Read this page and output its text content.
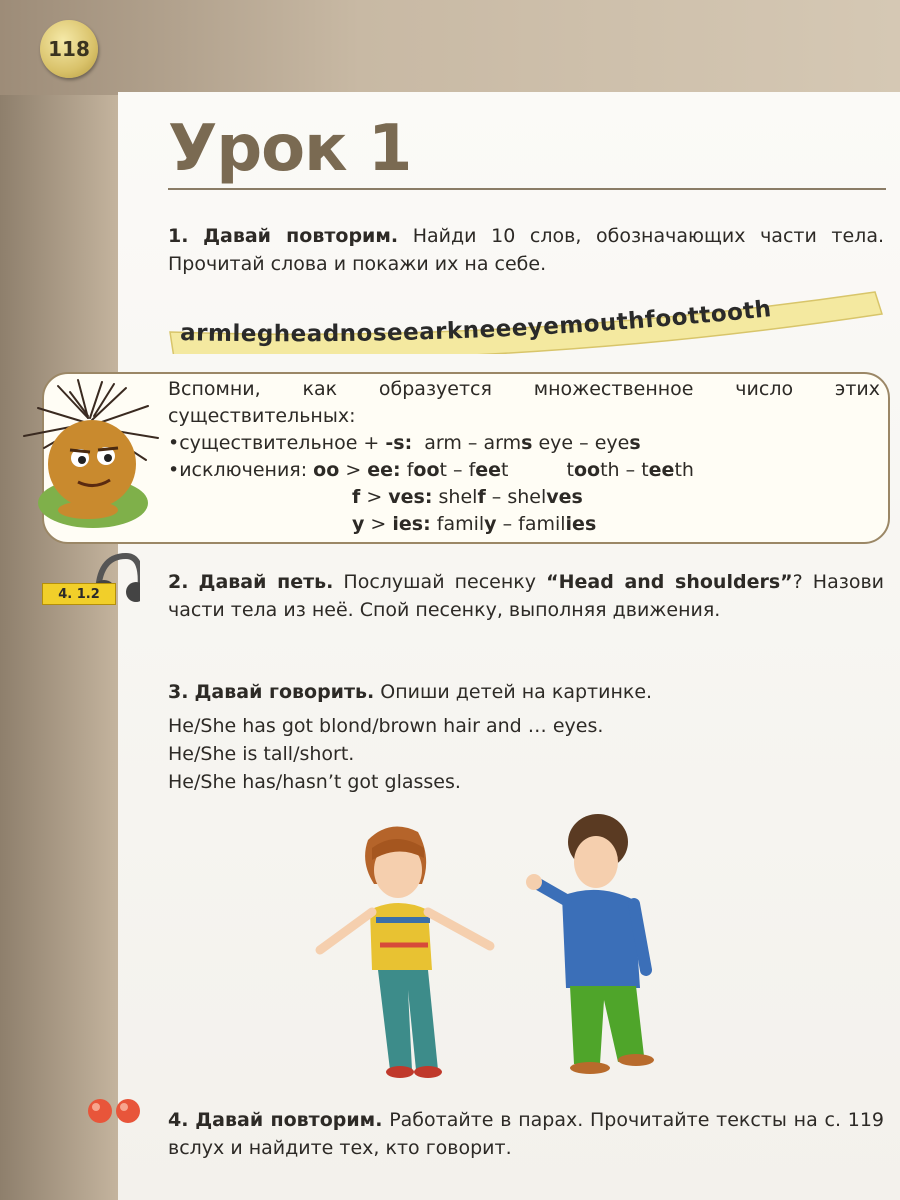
118
Урок 1
1. Давай повторим. Найди 10 слов, обозначающих части тела. Прочитай слова и покажи их на себе.
armlegheadnoseearkneeeyemouthfoottooth
Вспомни, как образуется множественное число этих существительных:
•существительное + -s: arm – arms eye – eyes
•исключения: oo > ee: foot – feet	tooth – teeth
f > ves: shelf – shelves
y > ies: family – families
4. 1.2
2. Давай петь. Послушай песенку “Head and shoulders”? Назови части тела из неё. Спой песенку, выполняя движения.
3. Давай говорить. Опиши детей на картинке.
He/She has got blond/brown hair and … eyes.
He/She is tall/short.
He/She has/hasn’t got glasses.
4. Давай повторим. Работайте в парах. Прочитайте тексты на с. 119 вслух и найдите тех, кто говорит.
